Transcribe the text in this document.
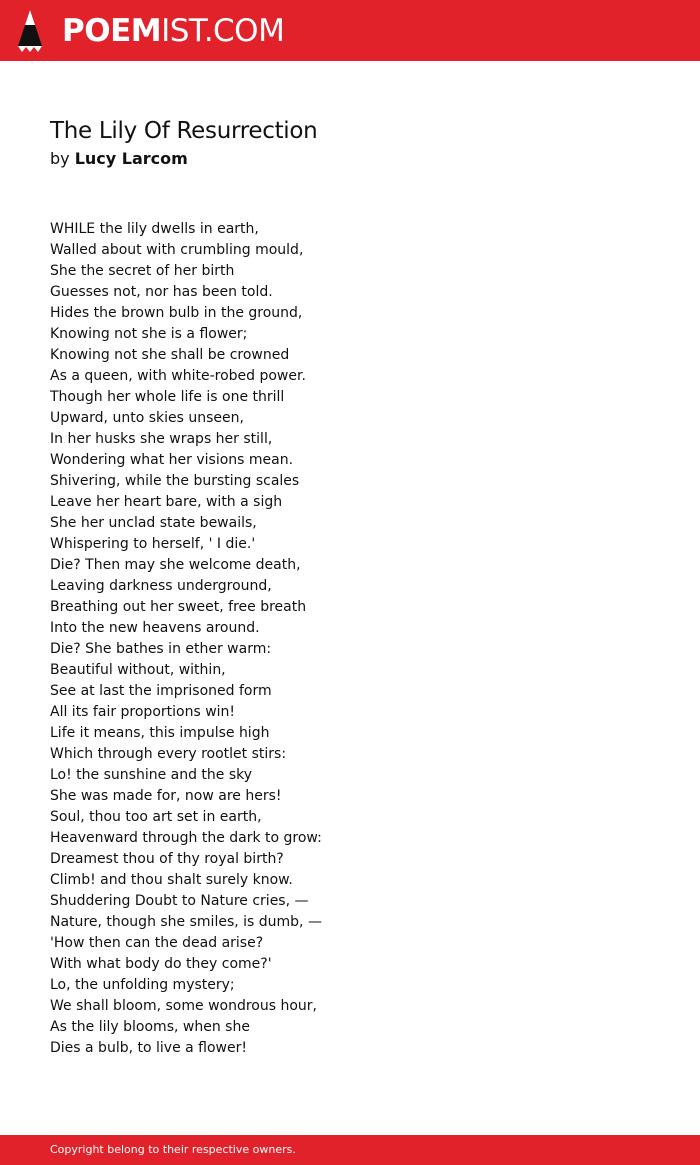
POEMIST.COM
The Lily Of Resurrection
by Lucy Larcom
WHILE the lily dwells in earth,
Walled about with crumbling mould,
She the secret of her birth
Guesses not, nor has been told.
Hides the brown bulb in the ground,
Knowing not she is a flower;
Knowing not she shall be crowned
As a queen, with white-robed power.
Though her whole life is one thrill
Upward, unto skies unseen,
In her husks she wraps her still,
Wondering what her visions mean.
Shivering, while the bursting scales
Leave her heart bare, with a sigh
She her unclad state bewails,
Whispering to herself, ' I die.'
Die? Then may she welcome death,
Leaving darkness underground,
Breathing out her sweet, free breath
Into the new heavens around.
Die? She bathes in ether warm:
Beautiful without, within,
See at last the imprisoned form
All its fair proportions win!
Life it means, this impulse high
Which through every rootlet stirs:
Lo! the sunshine and the sky
She was made for, now are hers!
Soul, thou too art set in earth,
Heavenward through the dark to grow:
Dreamest thou of thy royal birth?
Climb! and thou shalt surely know.
Shuddering Doubt to Nature cries, —
Nature, though she smiles, is dumb, —
'How then can the dead arise?
With what body do they come?'
Lo, the unfolding mystery;
We shall bloom, some wondrous hour,
As the lily blooms, when she
Dies a bulb, to live a flower!
Copyright belong to their respective owners.
